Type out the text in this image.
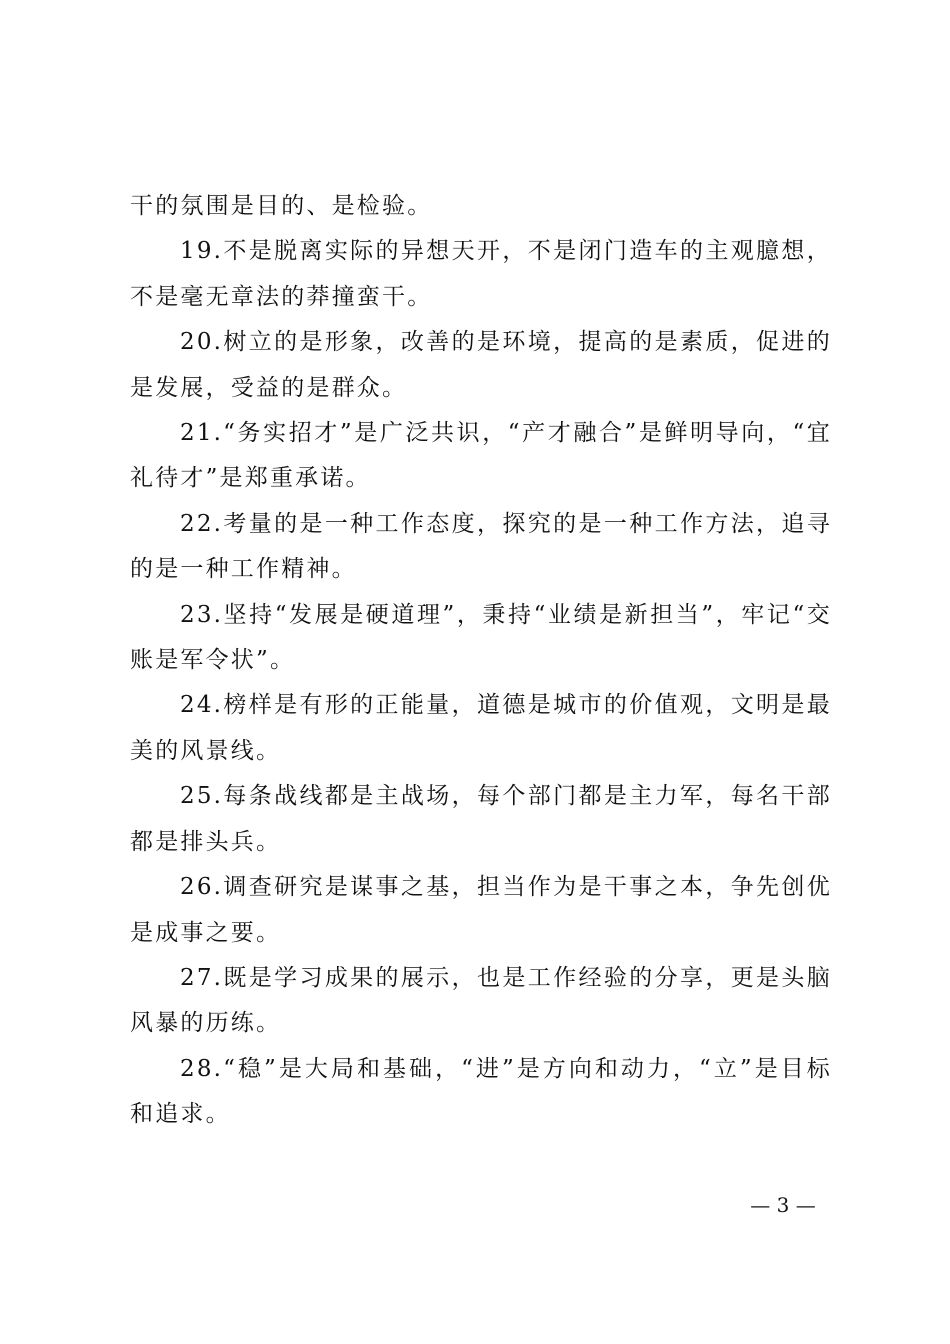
干的氛围是目的、是检验。

19.不是脱离实际的异想天开，不是闭门造车的主观臆想，不是毫无章法的莽撞蛮干。

20.树立的是形象，改善的是环境，提高的是素质，促进的是发展，受益的是群众。

21.“务实招才”是广泛共识，“产才融合”是鲜明导向，“宜礼待才”是郑重承诺。

22.考量的是一种工作态度，探究的是一种工作方法，追寻的是一种工作精神。

23.坚持“发展是硬道理”，秉持“业绩是新担当”，牢记“交账是军令状”。

24.榜样是有形的正能量，道德是城市的价值观，文明是最美的风景线。

25.每条战线都是主战场，每个部门都是主力军，每名干部都是排头兵。

26.调查研究是谋事之基，担当作为是干事之本，争先创优是成事之要。

27.既是学习成果的展示，也是工作经验的分享，更是头脑风暴的历练。

28.“稳”是大局和基础，“进”是方向和动力，“立”是目标和追求。

— 3 —
